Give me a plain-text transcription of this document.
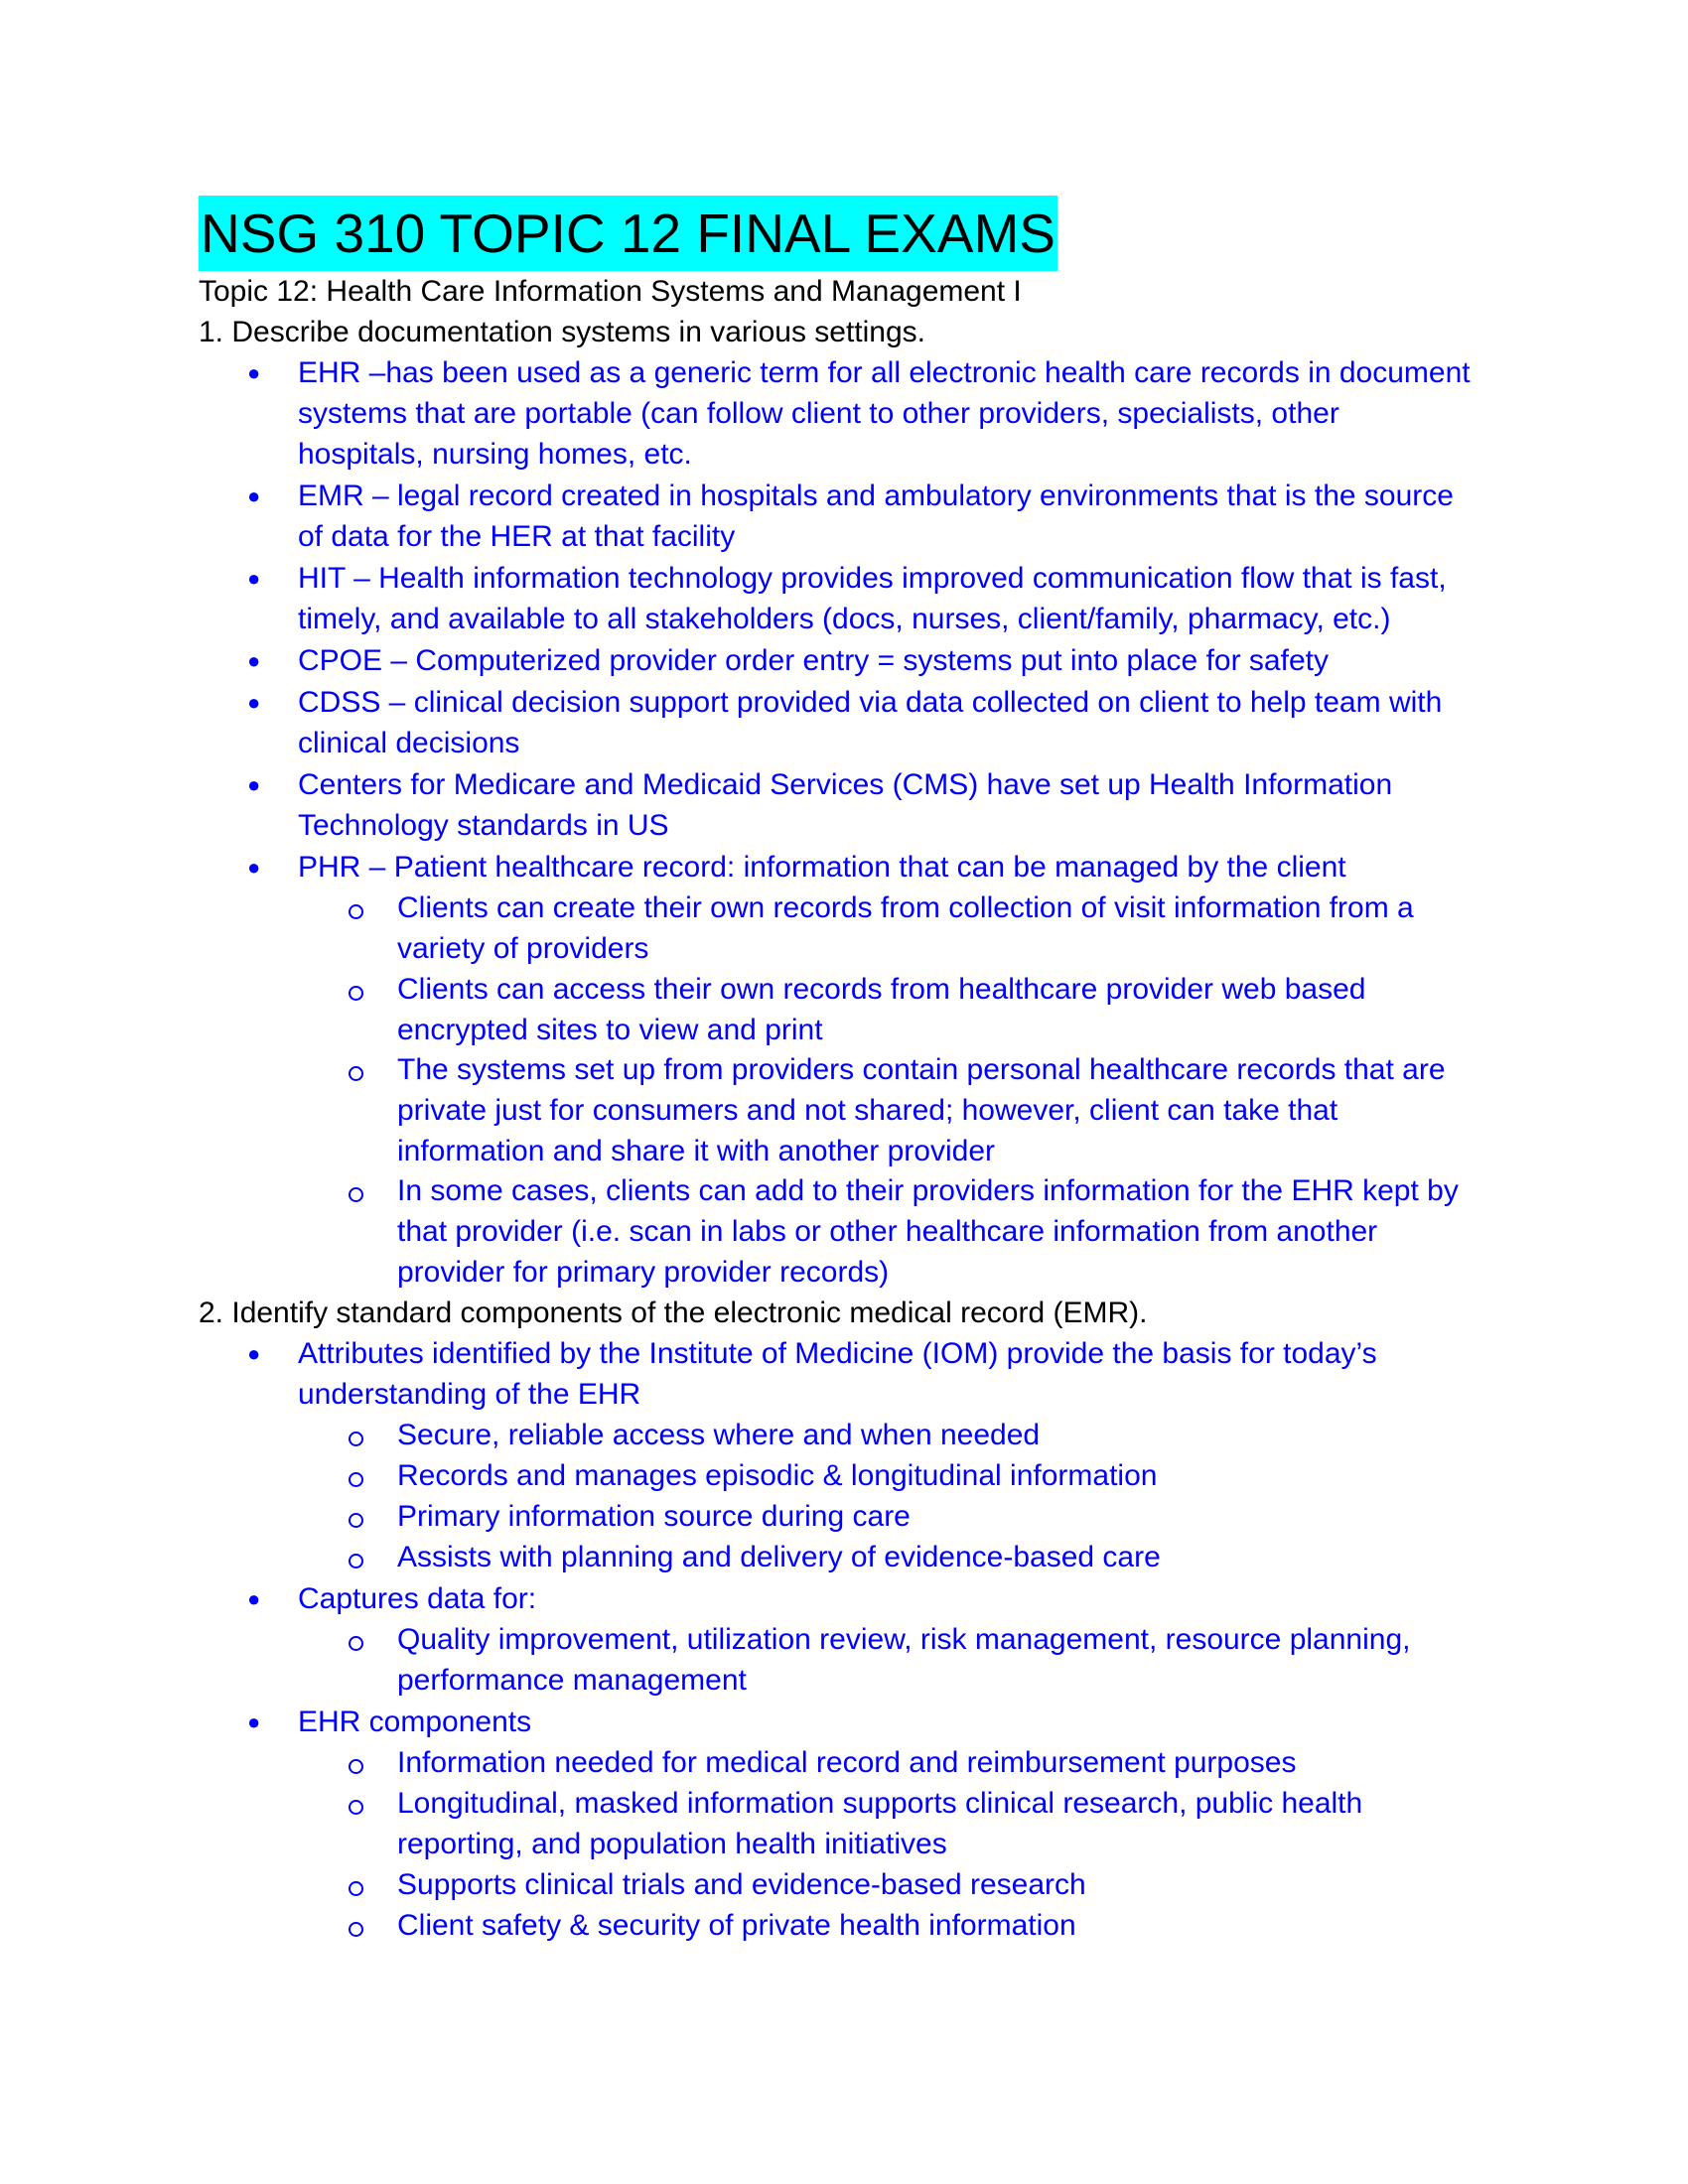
NSG 310 TOPIC 12 FINAL EXAMS
Topic 12: Health Care Information Systems and Management I
1. Describe documentation systems in various settings.
● EHR –has been used as a generic term for all electronic health care records in document
systems that are portable (can follow client to other providers, specialists, other
hospitals, nursing homes, etc.
● EMR – legal record created in hospitals and ambulatory environments that is the source
of data for the HER at that facility
● HIT – Health information technology provides improved communication flow that is fast,
timely, and available to all stakeholders (docs, nurses, client/family, pharmacy, etc.)
● CPOE – Computerized provider order entry = systems put into place for safety
● CDSS – clinical decision support provided via data collected on client to help team with
clinical decisions
● Centers for Medicare and Medicaid Services (CMS) have set up Health Information
Technology standards in US
● PHR – Patient healthcare record: information that can be managed by the client
Clients can create their own records from collection of visit information from a
variety of providers
Clients can access their own records from healthcare provider web based
encrypted sites to view and print
The systems set up from providers contain personal healthcare records that are
private just for consumers and not shared; however, client can take that
information and share it with another provider
In some cases, clients can add to their providers information for the EHR kept by
that provider (i.e. scan in labs or other healthcare information from another
provider for primary provider records)
2. Identify standard components of the electronic medical record (EMR).
● Attributes identified by the Institute of Medicine (IOM) provide the basis for today’s
understanding of the EHR
Secure, reliable access where and when needed
Records and manages episodic & longitudinal information
Primary information source during care
Assists with planning and delivery of evidence-based care
● Captures data for:
Quality improvement, utilization review, risk management, resource planning,
performance management
● EHR components
Information needed for medical record and reimbursement purposes
Longitudinal, masked information supports clinical research, public health
reporting, and population health initiatives
Supports clinical trials and evidence-based research
Client safety & security of private health information
